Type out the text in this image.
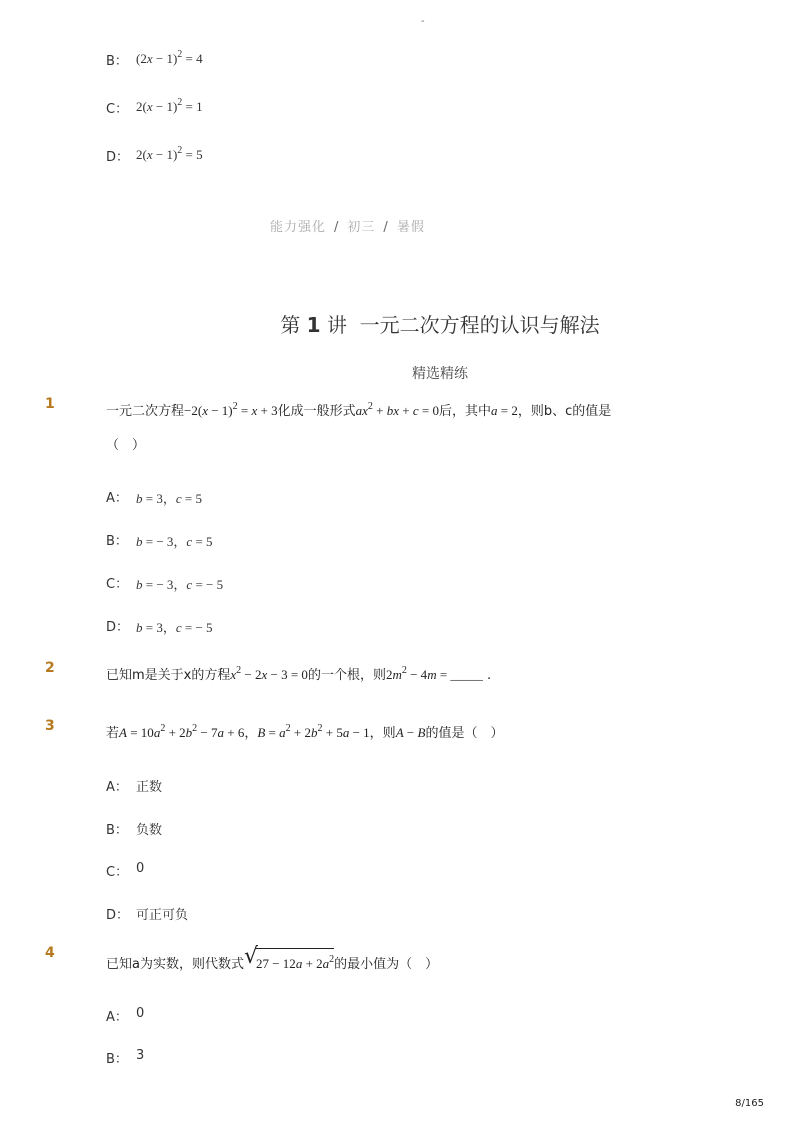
-
B： $(2x - 1)^2 = 4$
C： $2(x - 1)^2 = 1$
D： $2(x - 1)^2 = 5$
能力强化 / 初三 / 暑假
第 1 讲 一元二次方程的认识与解法
精选精练
1	一元二次方程$-2(x - 1)^2 = x + 3$化成一般形式$ax^2$ + bx + c = 0后，其中a = 2，则b、c的值是
（　）
A： b = 3，c = 5
B： b = − 3，c = 5
C： b = − 3，c = − 5
D： b = 3，c = − 5
2	已知m是关于x的方程$x^2 - 2x - 3 = 0$的一个根，则$2m^2 - 4m$ = _____ .
3	若$A = 10a^2 + 2b^2 - 7a + 6$，$B = a^2 + 2b^2 + 5a - 1$，则A − B的值是（　）
A： 正数
B： 负数
C： 0
D： 可正可负
4
已知a为实数，则代数式 √
$27 - 12a + 2a^2$的最小值为（　）
A： 0
B： 3
8/165
